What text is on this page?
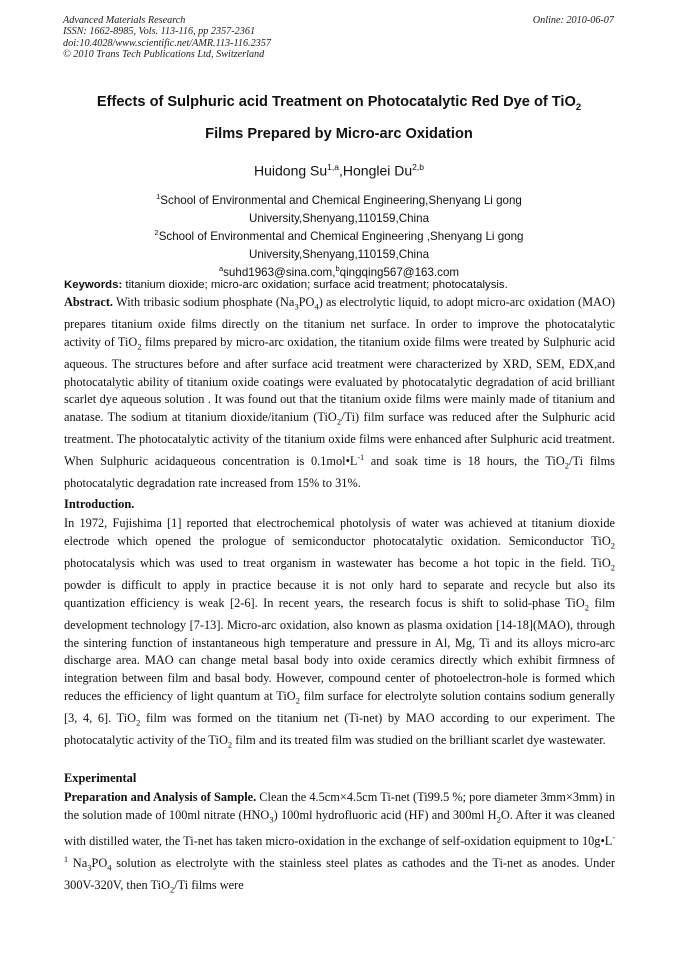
Advanced Materials Research
ISSN: 1662-8985, Vols. 113-116, pp 2357-2361
doi:10.4028/www.scientific.net/AMR.113-116.2357
© 2010 Trans Tech Publications Ltd, Switzerland
Online: 2010-06-07
Effects of Sulphuric acid Treatment on Photocatalytic Red Dye of TiO$_2$
Films Prepared by Micro-arc Oxidation
Huidong Su$^{1,a}$,Honglei Du$^{2,b}$
$^1$School of Environmental and Chemical Engineering,Shenyang Li gong
University,Shenyang,110159,China
$^2$School of Environmental and Chemical Engineering ,Shenyang Li gong
University,Shenyang,110159,China
$^a$suhd1963@sina.com,$^b$qingqing567@163.com
Keywords: titanium dioxide; micro-arc oxidation; surface acid treatment; photocatalysis.
Abstract. With tribasic sodium phosphate $(Na_3PO_4)$ as electrolytic liquid, to adopt micro-arc oxidation (MAO) prepares titanium oxide films directly on the titanium net surface. In order to improve the photocatalytic activity of TiO$_2$ films prepared by micro-arc oxidation, the titanium oxide films were treated by Sulphuric acid aqueous. The structures before and after surface acid treatment were characterized by XRD, SEM, EDX,and photocatalytic ability of titanium oxide coatings were evaluated by photocatalytic degradation of acid brilliant scarlet dye aqueous solution . It was found out that the titanium oxide films were mainly made of titanium and anatase. The sodium at titanium dioxide/itanium (TiO$_2$/Ti) film surface was reduced after the Sulphuric acid treatment. The photocatalytic activity of the titanium oxide films were enhanced after Sulphuric acid treatment. When Sulphuric acidaqueous concentration is $0.1mol•L^{-1}$ and soak time is 18 hours, the TiO$_2$/Ti films photocatalytic degradation rate increased from 15% to 31%.
Introduction.
In 1972, Fujishima [1] reported that electrochemical photolysis of water was achieved at titanium dioxide electrode which opened the prologue of semiconductor photocatalytic oxidation. Semiconductor TiO$_2$ photocatalysis which was used to treat organism in wastewater has become a hot topic in the field. TiO$_2$ powder is difficult to apply in practice because it is not only hard to separate and recycle but also its quantization efficiency is weak [2-6]. In recent years, the research focus is shift to solid-phase TiO$_2$ film development technology [7-13]. Micro-arc oxidation, also known as plasma oxidation [14-18](MAO), through the sintering function of instantaneous high temperature and pressure in Al, Mg, Ti and its alloys micro-arc discharge area. MAO can change metal basal body into oxide ceramics directly which exhibit firmness of integration between film and basal body. However, compound center of photoelectron-hole is formed which reduces the efficiency of light quantum at TiO$_2$ film surface for electrolyte solution contains sodium generally [3, 4, 6]. TiO$_2$ film was formed on the titanium net (Ti-net) by MAO according to our experiment. The photocatalytic activity of the TiO$_2$ film and its treated film was studied on the brilliant scarlet dye wastewater.
Experimental
Preparation and Analysis of Sample. Clean the 4.5cm×4.5cm Ti-net (Ti99.5 %; pore diameter 3mm×3mm) in the solution made of 100ml nitrate $(HNO_3)$ 100ml hydrofluoric acid (HF) and 300ml $H_2O$. After it was cleaned with distilled water, the Ti-net has taken micro-oxidation in the exchange of self-oxidation equipment to $10g•L^{-1}$ $Na_3PO_4$ solution as electrolyte with the stainless steel plates as cathodes and the Ti-net as anodes. Under 300V-320V, then TiO$_2$/Ti films were
